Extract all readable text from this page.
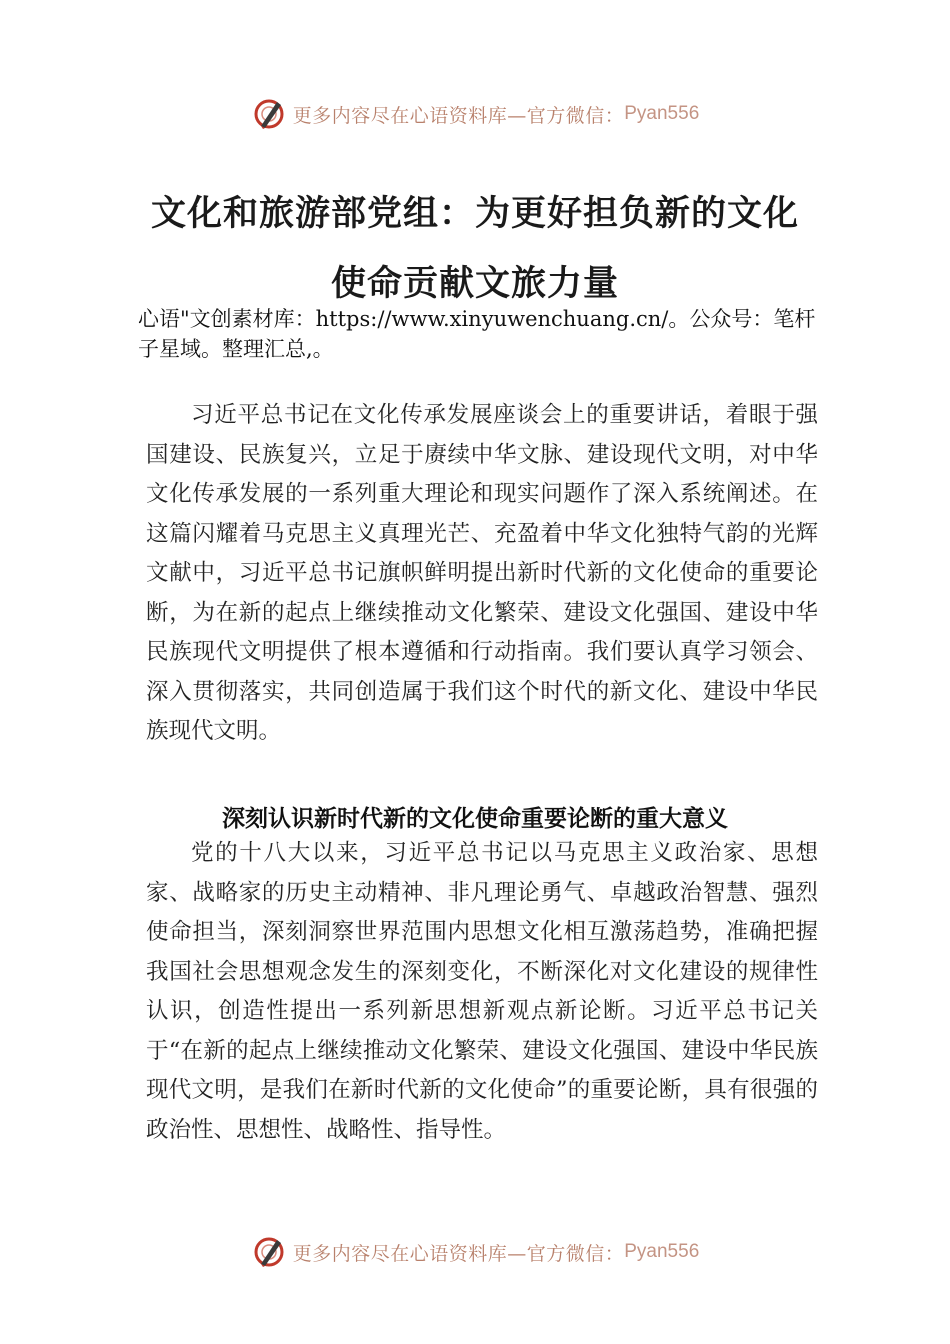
更多内容尽在心语资料库—官方微信： Pyan556
文化和旅游部党组：为更好担负新的文化
使命贡献文旅力量
心语"文创素材库：https://www.xinyuwenchuang.cn/。公众号：笔杆子星域。整理汇总,。

习近平总书记在文化传承发展座谈会上的重要讲话，着眼于强国建设、民族复兴，立足于赓续中华文脉、建设现代文明，对中华文化传承发展的一系列重大理论和现实问题作了深入系统阐述。在这篇闪耀着马克思主义真理光芒、充盈着中华文化独特气韵的光辉文献中，习近平总书记旗帜鲜明提出新时代新的文化使命的重要论断，为在新的起点上继续推动文化繁荣、建设文化强国、建设中华民族现代文明提供了根本遵循和行动指南。我们要认真学习领会、深入贯彻落实，共同创造属于我们这个时代的新文化、建设中华民族现代文明。

深刻认识新时代新的文化使命重要论断的重大意义

党的十八大以来，习近平总书记以马克思主义政治家、思想家、战略家的历史主动精神、非凡理论勇气、卓越政治智慧、强烈使命担当，深刻洞察世界范围内思想文化相互激荡趋势，准确把握我国社会思想观念发生的深刻变化，不断深化对文化建设的规律性认识，创造性提出一系列新思想新观点新论断。习近平总书记关于“在新的起点上继续推动文化繁荣、建设文化强国、建设中华民族现代文明，是我们在新时代新的文化使命”的重要论断，具有很强的政治性、思想性、战略性、指导性。

更多内容尽在心语资料库—官方微信： Pyan556
